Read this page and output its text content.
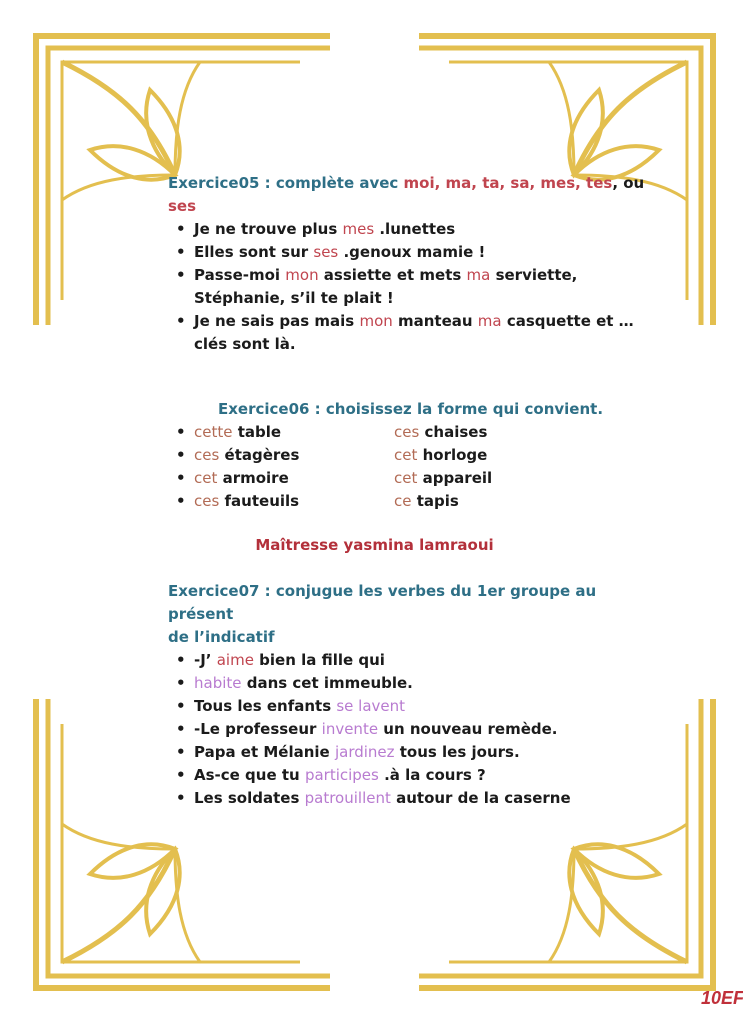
Exercice05 : complète avec moi, ma, ta, sa, mes, tes, ou
ses
• Je ne trouve plus mes .lunettes
• Elles sont sur ses .genoux mamie !
• Passe-moi mon assiette et mets ma serviette,
Stéphanie, s’il te plait !
• Je ne sais pas mais mon manteau ma casquette et …
clés sont là.
Exercice06 : choisissez la forme qui convient.
• cette table	ces chaises
• ces étagères	cet horloge
• cet armoire	cet appareil
• ces fauteuils	ce tapis
Maîtresse yasmina lamraoui
Exercice07 : conjugue les verbes du 1er groupe au présent
de l’indicatif
• -J’ aime bien la fille qui
• habite dans cet immeuble.
• Tous les enfants se lavent
• -Le professeur invente un nouveau remède.
• Papa et Mélanie jardinez tous les jours.
• As-ce que tu participes .à la cours ?
• Les soldates patrouillent autour de la caserne
10EF
